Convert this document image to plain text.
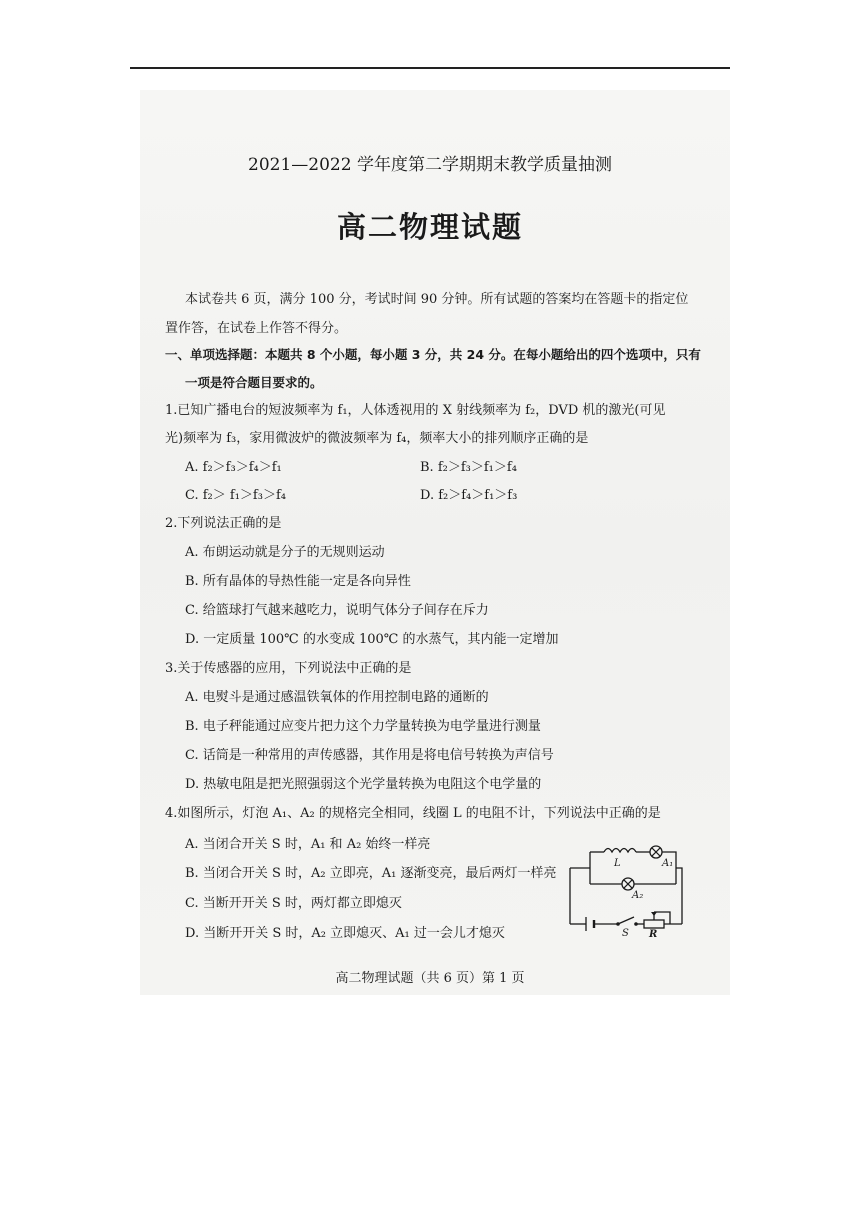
2021—2022 学年度第二学期期末教学质量抽测
高二物理试题
本试卷共 6 页，满分 100 分，考试时间 90 分钟。所有试题的答案均在答题卡的指定位
置作答，在试卷上作答不得分。
一、单项选择题：本题共 8 个小题，每小题 3 分，共 24 分。在每小题给出的四个选项中，只有
一项是符合题目要求的。
1.已知广播电台的短波频率为 f₁，人体透视用的 X 射线频率为 f₂，DVD 机的激光(可见
光)频率为 f₃，家用微波炉的微波频率为 f₄，频率大小的排列顺序正确的是
A. f₂＞f₃＞f₄＞f₁	B. f₂＞f₃＞f₁＞f₄
C. f₂＞ f₁＞f₃＞f₄	D. f₂＞f₄＞f₁＞f₃
2.下列说法正确的是
A. 布朗运动就是分子的无规则运动
B. 所有晶体的导热性能一定是各向异性
C. 给篮球打气越来越吃力，说明气体分子间存在斥力
D. 一定质量 100℃ 的水变成 100℃ 的水蒸气，其内能一定增加
3.关于传感器的应用，下列说法中正确的是
A. 电熨斗是通过感温铁氧体的作用控制电路的通断的
B. 电子秤能通过应变片把力这个力学量转换为电学量进行测量
C. 话筒是一种常用的声传感器，其作用是将电信号转换为声信号
D. 热敏电阻是把光照强弱这个光学量转换为电阻这个电学量的
4.如图所示，灯泡 A₁、A₂ 的规格完全相同，线圈 L 的电阻不计，下列说法中正确的是
A. 当闭合开关 S 时，A₁ 和 A₂ 始终一样亮
B. 当闭合开关 S 时，A₂ 立即亮，A₁ 逐渐变亮，最后两灯一样亮
C. 当断开开关 S 时，两灯都立即熄灭
D. 当断开开关 S 时，A₂ 立即熄灭、A₁ 过一会儿才熄灭
L	A₁
A₂
S R
高二物理试题（共 6 页）第 1 页
